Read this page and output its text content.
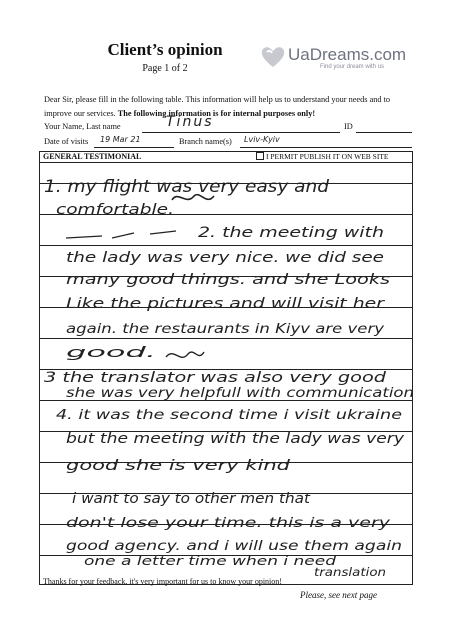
Client’s opinion
Page 1 of 2
UaDreams.com
Find your dream with us
Dear Sir, please fill in the following table. This information will help us to understand your needs and to
improve our services. The following information is for internal purposes only!
Your Name, Last name	Tinus	ID
Date of visits 19 Mar 21	Branch name(s) Lviv-Kyiv
GENERAL TESTIMONIAL	I PERMIT PUBLISH IT ON WEB SITE
1. my flight was very easy and
comfortable.
2. the meeting with
the lady was very nice. we did see
many good things. and she Looks
Like the pictures and will visit her
again. the restaurants in Kiyv are very
good.
3 the translator was also very good
she was very helpfull with communication
4. it was the second time i visit ukraine
but the meeting with the lady was very
good she is very kind
i want to say to other men that
don't lose your time. this is a very
good agency. and i will use them again
one a letter time when i need
translation
Thanks for your feedback, it's very important for us to know your opinion!
Please, see next page
